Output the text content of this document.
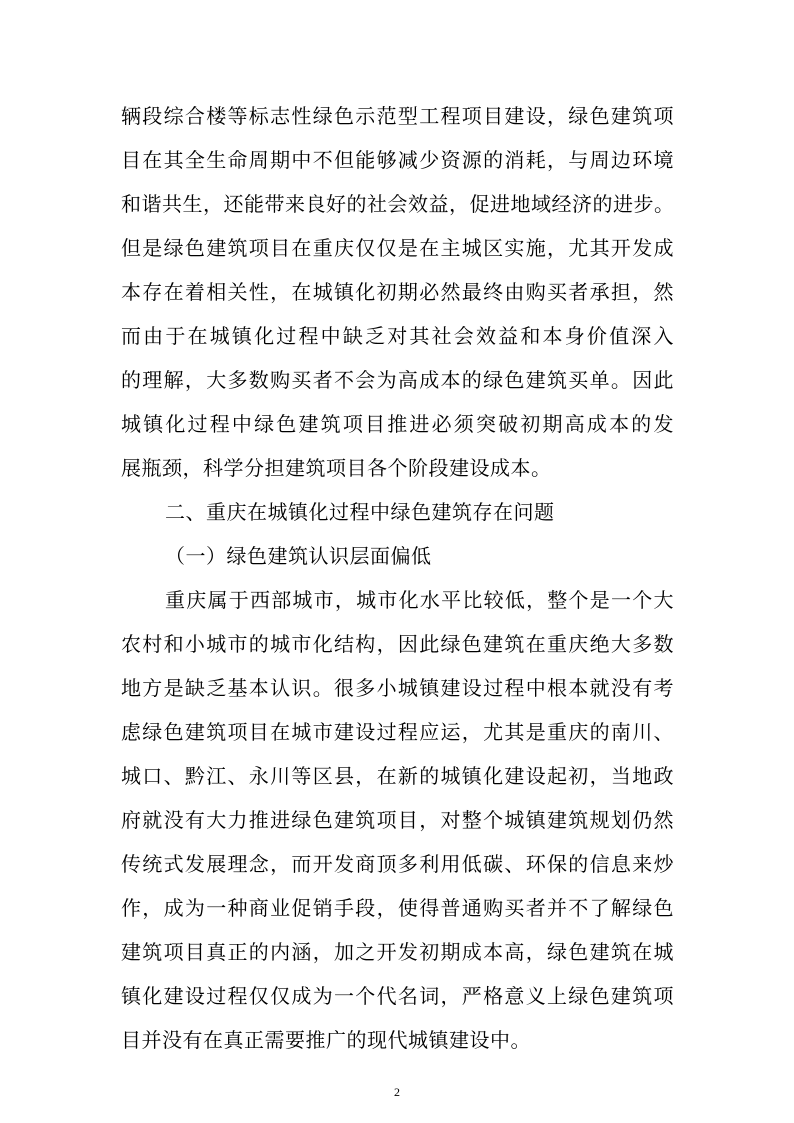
辆段综合楼等标志性绿色示范型工程项目建设，绿色建筑项
目在其全生命周期中不但能够减少资源的消耗，与周边环境
和谐共生，还能带来良好的社会效益，促进地域经济的进步。
但是绿色建筑项目在重庆仅仅是在主城区实施，尤其开发成
本存在着相关性，在城镇化初期必然最终由购买者承担，然
而由于在城镇化过程中缺乏对其社会效益和本身价值深入
的理解，大多数购买者不会为高成本的绿色建筑买单。因此
城镇化过程中绿色建筑项目推进必须突破初期高成本的发
展瓶颈，科学分担建筑项目各个阶段建设成本。
二、重庆在城镇化过程中绿色建筑存在问题
（一）绿色建筑认识层面偏低
重庆属于西部城市，城市化水平比较低，整个是一个大
农村和小城市的城市化结构，因此绿色建筑在重庆绝大多数
地方是缺乏基本认识。很多小城镇建设过程中根本就没有考
虑绿色建筑项目在城市建设过程应运，尤其是重庆的南川、
城口、黔江、永川等区县，在新的城镇化建设起初，当地政
府就没有大力推进绿色建筑项目，对整个城镇建筑规划仍然
传统式发展理念，而开发商顶多利用低碳、环保的信息来炒
作，成为一种商业促销手段，使得普通购买者并不了解绿色
建筑项目真正的内涵，加之开发初期成本高，绿色建筑在城
镇化建设过程仅仅成为一个代名词，严格意义上绿色建筑项
目并没有在真正需要推广的现代城镇建设中。
2
